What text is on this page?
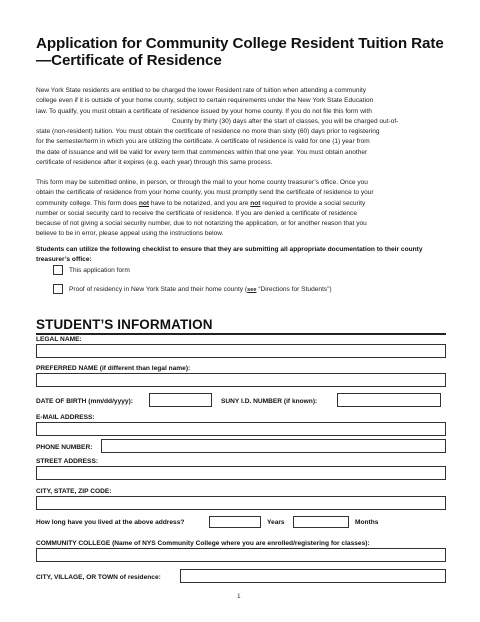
Application for Community College Resident Tuition Rate—Certificate of Residence
New York State residents are entitled to be charged the lower Resident rate of tuition when attending a community
college even if it is outside of your home county, subject to certain requirements under the New York State Education
law. To qualify, you must obtain a certificate of residence issued by your home county. If you do not file this form with
County by thirty (30) days after the start of classes, you will be charged out-of-
state (non-resident) tuition. You must obtain the certificate of residence no more than sixty (60) days prior to registering
for the semester/term in which you are utilizing the certificate. A certificate of residence is valid for one (1) year from
the date of issuance and will be valid for every term that commences within that one year. You must obtain another
certificate of residence after it expires (e.g. each year) through this same process.
This form may be submitted online, in person, or through the mail to your home county treasurer’s office. Once you
obtain the certificate of residence from your home county, you must promptly send the certificate of residence to your
community college. This form does not have to be notarized, and you are not required to provide a social security
number or social security card to receive the certificate of residence. If you are denied a certificate of residence
because of not giving a social security number, due to not notarizing the application, or for another reason that you
believe to be in error, please appeal using the instructions below.
Students can utilize the following checklist to ensure that they are submitting all appropriate documentation to their county treasurer’s office:
This application form
Proof of residency in New York State and their home county (see “Directions for Students”)
STUDENT’S INFORMATION
LEGAL NAME:
PREFERRED NAME (if different than legal name):
DATE OF BIRTH (mm/dd/yyyy):	SUNY I.D. NUMBER (if known):
E-MAIL ADDRESS:
PHONE NUMBER:
STREET ADDRESS:
CITY, STATE, ZIP CODE:
How long have you lived at the above address?	Years	Months
COMMUNITY COLLEGE (Name of NYS Community College where you are enrolled/registering for classes):
CITY, VILLAGE, OR TOWN of residence:
1
